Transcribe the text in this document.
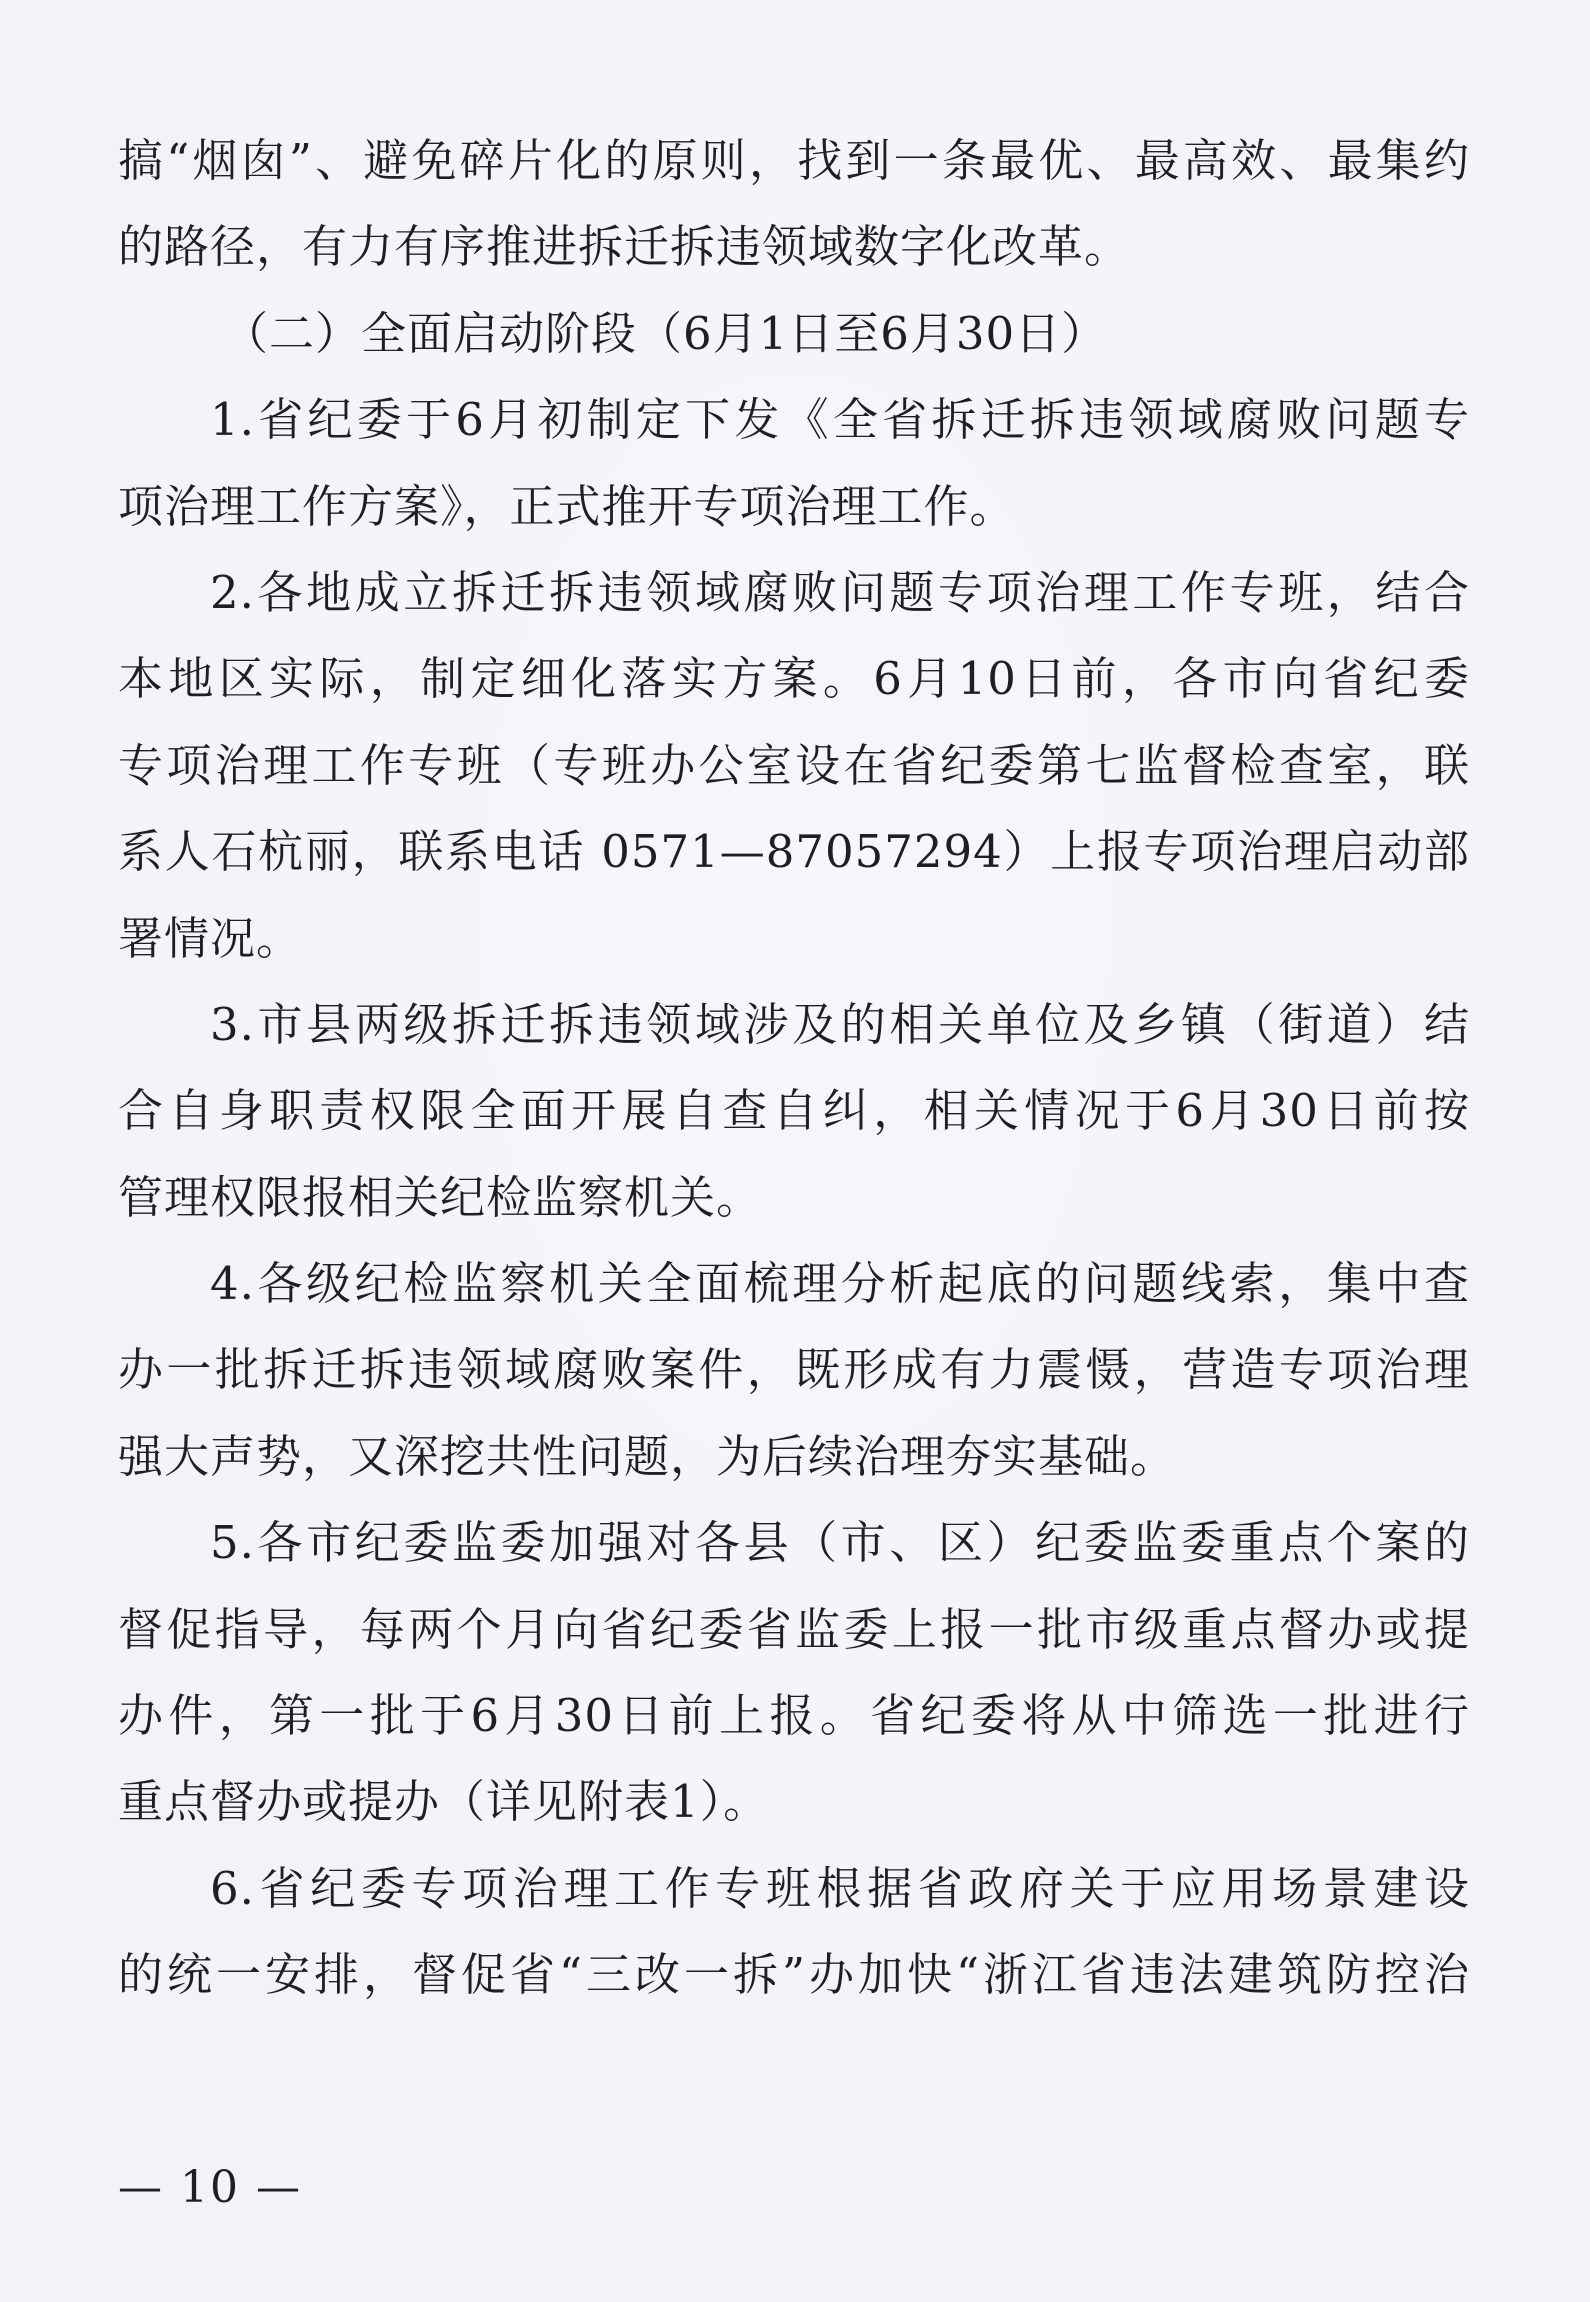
搞“烟囱”、避免碎片化的原则，找到一条最优、最高效、最集约
的路径，有力有序推进拆迁拆违领域数字化改革。
（二）全面启动阶段（6月1日至6月30日）
1.省纪委于6月初制定下发《全省拆迁拆违领域腐败问题专
项治理工作方案》，正式推开专项治理工作。
2.各地成立拆迁拆违领域腐败问题专项治理工作专班，结合
本地区实际，制定细化落实方案。6月10日前，各市向省纪委
专项治理工作专班（专班办公室设在省纪委第七监督检查室，联
系人石杭丽，联系电话 0571—87057294）上报专项治理启动部
署情况。
3.市县两级拆迁拆违领域涉及的相关单位及乡镇（街道）结
合自身职责权限全面开展自查自纠，相关情况于6月30日前按
管理权限报相关纪检监察机关。
4.各级纪检监察机关全面梳理分析起底的问题线索，集中查
办一批拆迁拆违领域腐败案件，既形成有力震慑，营造专项治理
强大声势，又深挖共性问题，为后续治理夯实基础。
5.各市纪委监委加强对各县（市、区）纪委监委重点个案的
督促指导，每两个月向省纪委省监委上报一批市级重点督办或提
办件，第一批于6月30日前上报。省纪委将从中筛选一批进行
重点督办或提办（详见附表1）。
6.省纪委专项治理工作专班根据省政府关于应用场景建设
的统一安排，督促省“三改一拆”办加快“浙江省违法建筑防控治
— 10 —
